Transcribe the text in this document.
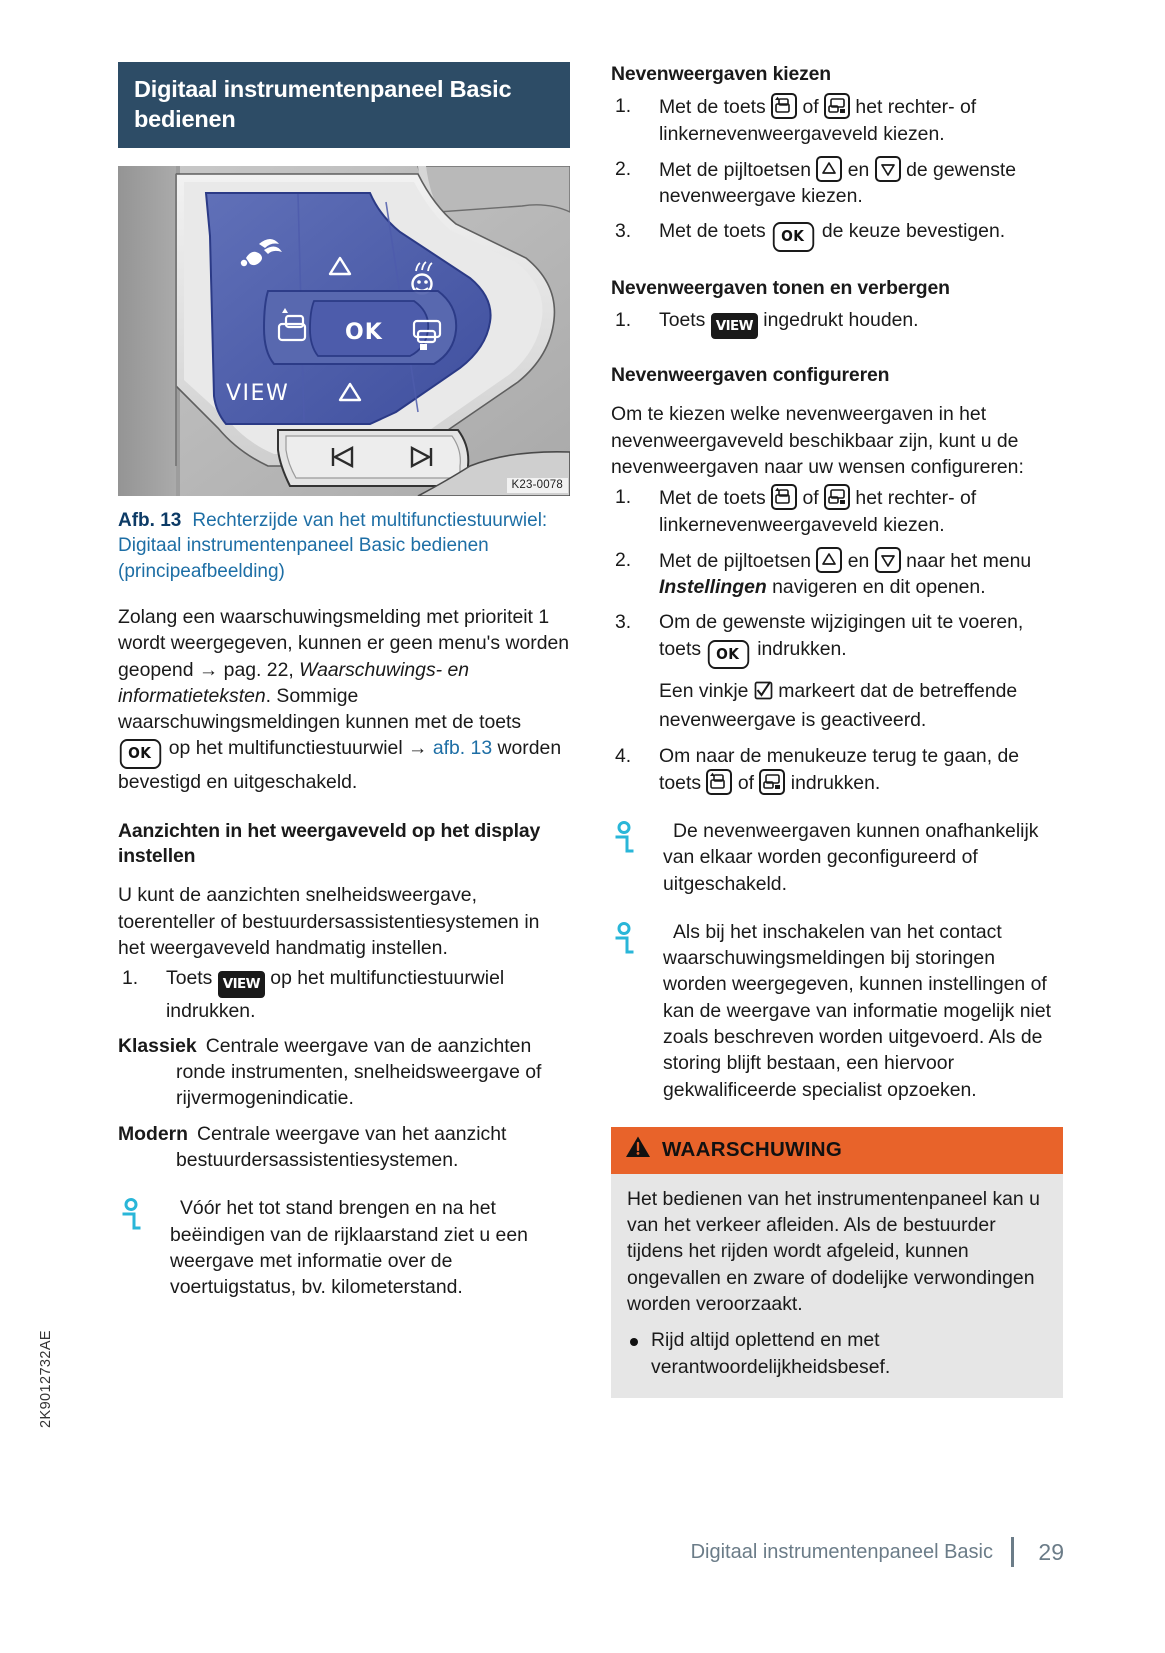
2K9012732AE
Digitaal instrumentenpaneel Basic bedienen
OK
VIEW
K23-0078
Afb. 13 Rechterzijde van het multifunctiestuurwiel: Digitaal instrumentenpaneel Basic bedienen (principeafbeelding)

Zolang een waarschuwingsmelding met prioriteit 1 wordt weergegeven, kunnen er geen menu's worden geopend → pag. 22, Waarschuwings- en informatieteksten. Sommige waarschuwingsmeldingen kunnen met de toets OK op het multifunctiestuurwiel → afb. 13 worden bevestigd en uitgeschakeld.

Aanzichten in het weergaveveld op het display instellen

U kunt de aanzichten snelheidsweergave, toerenteller of bestuurdersassistentiesystemen in het weergaveveld handmatig instellen.

1.	Toets VIEW op het multifunctiestuurwiel indrukken.
Klassiek Centrale weergave van de aanzichten ronde instrumenten, snelheidsweergave of rijvermogenindicatie.
Modern Centrale weergave van het aanzicht bestuurdersassistentiesystemen.
Vóór het tot stand brengen en na het beëindigen van de rijklaarstand ziet u een weergave met informatie over de voertuigstatus, bv. kilometerstand.
Nevenweergaven kiezen
1.	Met de toets  of  het rechter- of linkernevenweergaveveld kiezen.
2.	Met de pijltoetsen  en  de gewenste nevenweergave kiezen.
3.	Met de toets OK de keuze bevestigen.
Nevenweergaven tonen en verbergen
1.	Toets VIEW ingedrukt houden.
Nevenweergaven configureren

Om te kiezen welke nevenweergaven in het nevenweergaveveld beschikbaar zijn, kunt u de nevenweergaven naar uw wensen configureren:

1.	Met de toets  of  het rechter- of linkernevenweergaveveld kiezen.
2.	Met de pijltoetsen  en  naar het menu Instellingen navigeren en dit openen.
3.	Om de gewenste wijzigingen uit te voeren, toets OK indrukken.
Een vinkje  markeert dat de betreffende nevenweergave is geactiveerd.
4.	Om naar de menukeuze terug te gaan, de toets  of  indrukken.
De nevenweergaven kunnen onafhankelijk van elkaar worden geconfigureerd of uitgeschakeld.
Als bij het inschakelen van het contact waarschuwingsmeldingen bij storingen worden weergegeven, kunnen instellingen of kan de weergave van informatie mogelijk niet zoals beschreven worden uitgevoerd. Als de storing blijft bestaan, een hiervoor gekwalificeerde specialist opzoeken.
WAARSCHUWING
Het bedienen van het instrumentenpaneel kan u van het verkeer afleiden. Als de bestuurder tijdens het rijden wordt afgeleid, kunnen ongevallen en zware of dodelijke verwondingen worden veroorzaakt.
Rijd altijd oplettend en met verantwoordelijkheidsbesef.
Digitaal instrumentenpaneel Basic	29
